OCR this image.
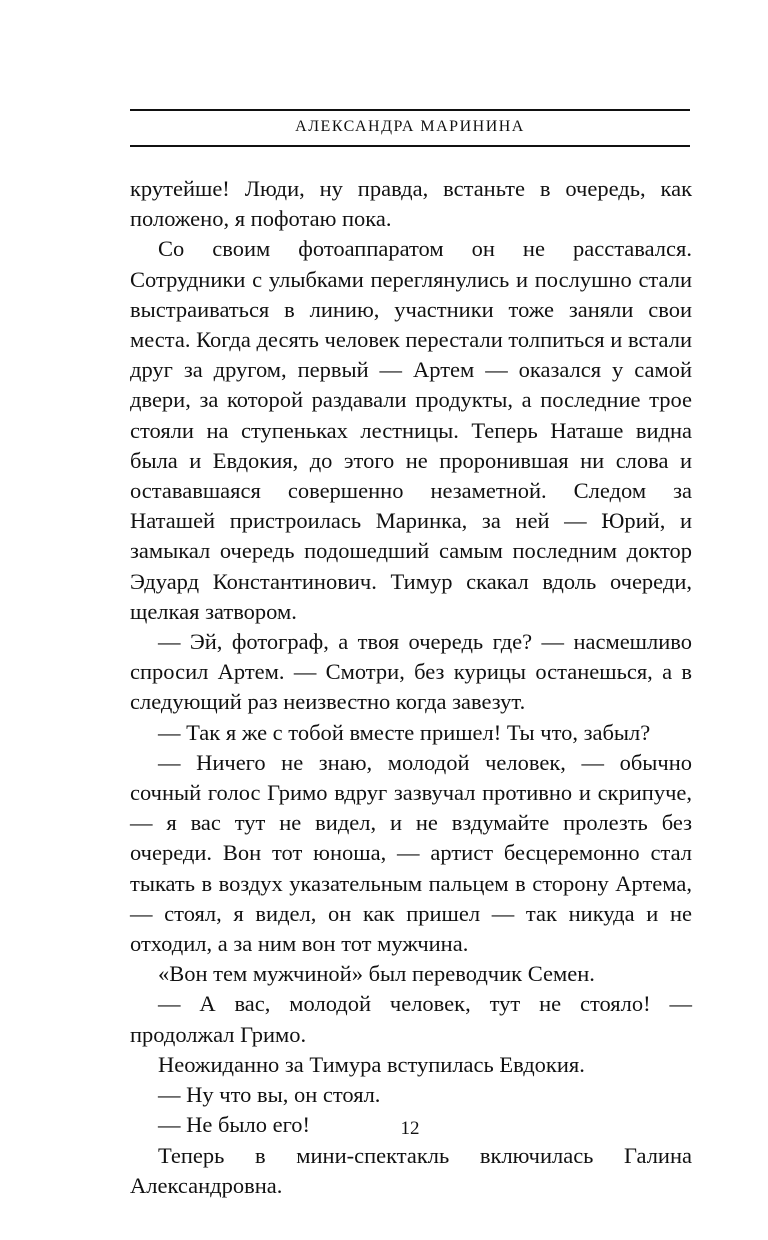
АЛЕКСАНДРА МАРИНИНА

крутейше! Люди, ну правда, встаньте в очередь, как положено, я пофотаю пока.

Со своим фотоаппаратом он не расставался. Сотрудники с улыбками переглянулись и послушно стали выстраиваться в линию, участники тоже заняли свои места. Когда десять человек перестали толпиться и встали друг за другом, первый — Артем — оказался у самой двери, за которой раздавали продукты, а последние трое стояли на ступеньках лестницы. Теперь Наташе видна была и Евдокия, до этого не проронившая ни слова и остававшаяся совершенно незаметной. Следом за Наташей пристроилась Маринка, за ней — Юрий, и замыкал очередь подошедший самым последним доктор Эдуард Константинович. Тимур скакал вдоль очереди, щелкая затвором.

— Эй, фотограф, а твоя очередь где? — насмешливо спросил Артем. — Смотри, без курицы останешься, а в следующий раз неизвестно когда завезут.

— Так я же с тобой вместе пришел! Ты что, забыл?

— Ничего не знаю, молодой человек, — обычно сочный голос Гримо вдруг зазвучал противно и скрипуче, — я вас тут не видел, и не вздумайте пролезть без очереди. Вон тот юноша, — артист бесцеремонно стал тыкать в воздух указательным пальцем в сторону Артема, — стоял, я видел, он как пришел — так никуда и не отходил, а за ним вон тот мужчина.

«Вон тем мужчиной» был переводчик Семен.

— А вас, молодой человек, тут не стояло! — продолжал Гримо.

Неожиданно за Тимура вступилась Евдокия.

— Ну что вы, он стоял.

— Не было его!

Теперь в мини-спектакль включилась Галина Александровна.

12
